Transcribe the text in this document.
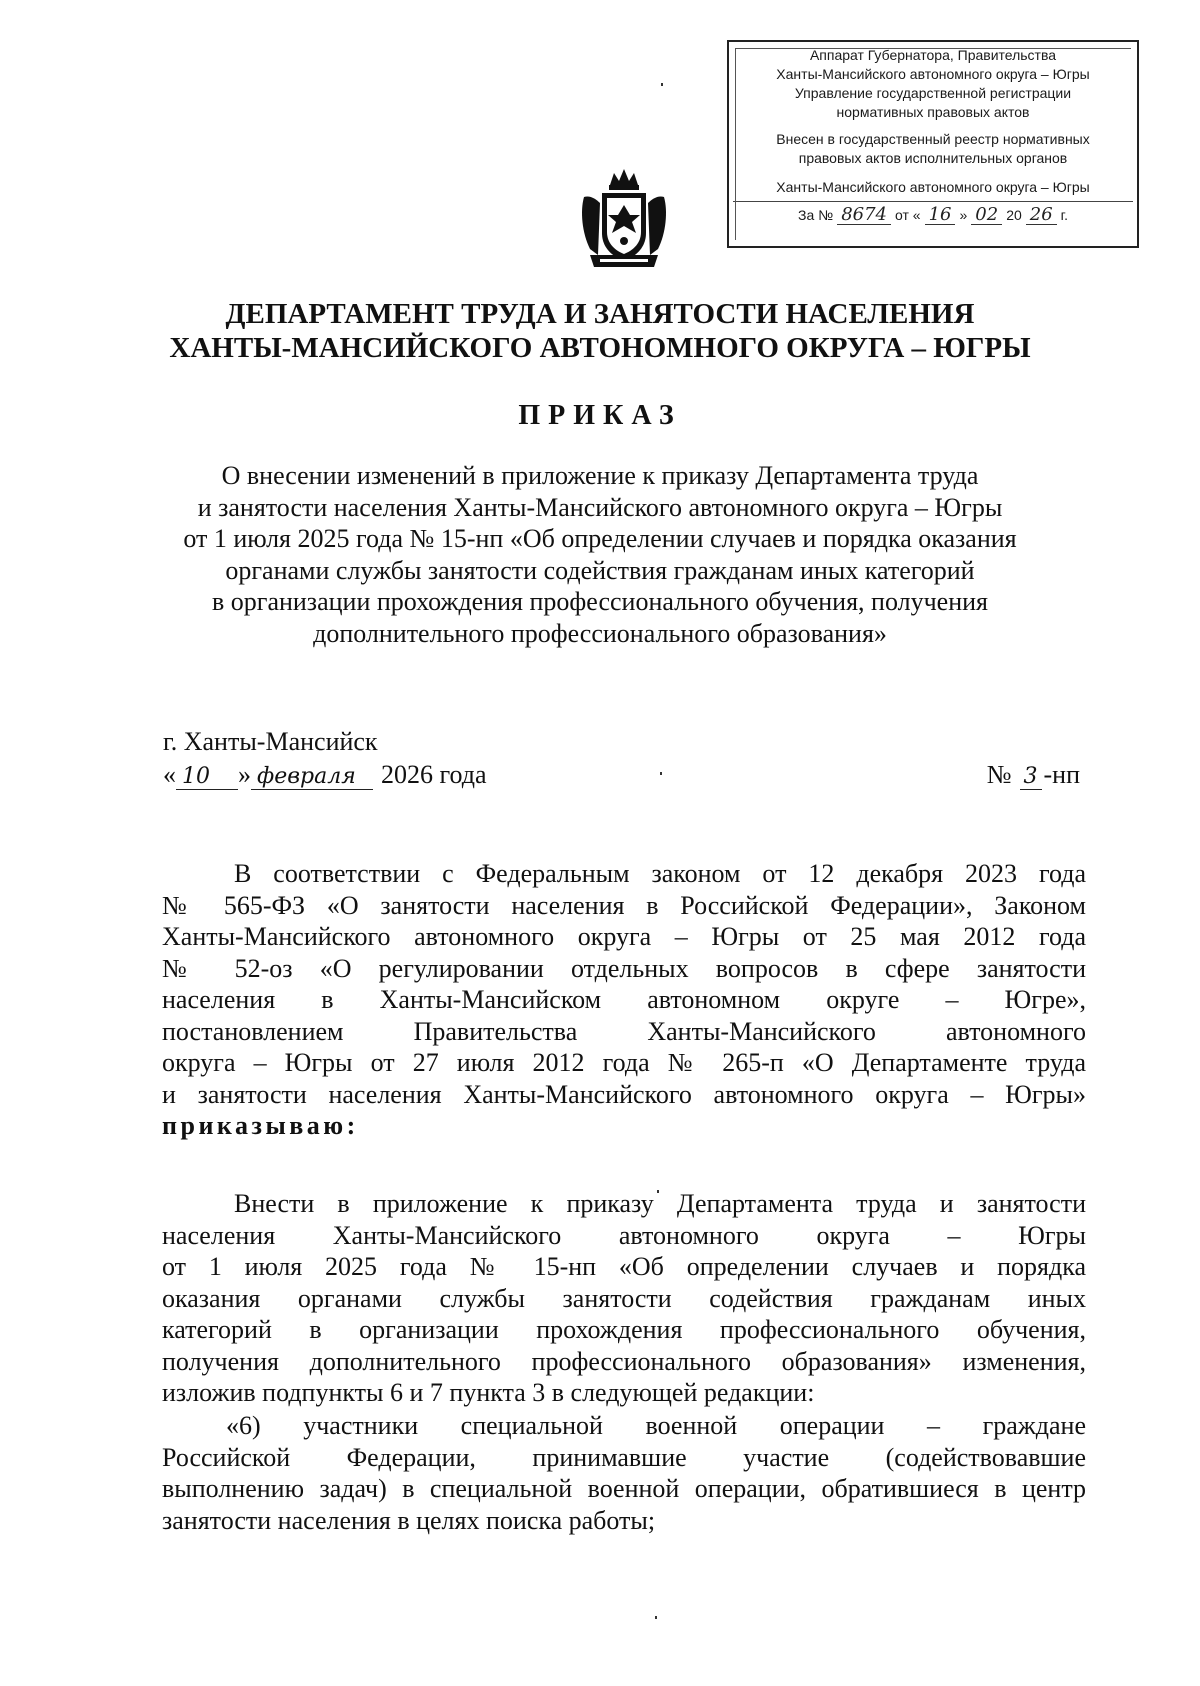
Аппарат Губернатора, Правительства
Ханты-Мансийского автономного округа – Югры
Управление государственной регистрации
нормативных правовых актов
Внесен в государственный реестр нормативных
правовых актов исполнительных органов
Ханты-Мансийского автономного округа – Югры
За № 8674 от « 16 » 02 20 26 г.
ДЕПАРТАМЕНТ ТРУДА И ЗАНЯТОСТИ НАСЕЛЕНИЯ
ХАНТЫ-МАНСИЙСКОГО АВТОНОМНОГО ОКРУГА – ЮГРЫ
ПРИКАЗ
О внесении изменений в приложение к приказу Департамента труда
и занятости населения Ханты-Мансийского автономного округа – Югры
от 1 июля 2025 года № 15-нп «Об определении случаев и порядка оказания
органами службы занятости содействия гражданам иных категорий
в организации прохождения профессионального обучения, получения
дополнительного профессионального образования»
г. Ханты-Мансийск
« 10	» февраля 2026 года	№ 3 -нп
В соответствии с Федеральным законом от 12 декабря 2023 года
№ 565-ФЗ «О занятости населения в Российской Федерации», Законом
Ханты-Мансийского автономного округа – Югры от 25 мая 2012 года
№ 52-оз «О регулировании отдельных вопросов в сфере занятости
населения в Ханты-Мансийском автономном округе – Югре»,
постановлением Правительства Ханты-Мансийского автономного
округа – Югры от 27 июля 2012 года № 265-п «О Департаменте труда
и занятости населения Ханты-Мансийского автономного округа – Югры»
приказываю:
Внести в приложение к приказу Департамента труда и занятости
населения Ханты-Мансийского автономного округа – Югры
от 1 июля 2025 года № 15-нп «Об определении случаев и порядка
оказания органами службы занятости содействия гражданам иных
категорий в организации прохождения профессионального обучения,
получения дополнительного профессионального образования» изменения,
изложив подпункты 6 и 7 пункта 3 в следующей редакции:
«6) участники специальной военной операции – граждане
Российской Федерации, принимавшие участие (содействовавшие
выполнению задач) в специальной военной операции, обратившиеся в центр
занятости населения в целях поиска работы;
